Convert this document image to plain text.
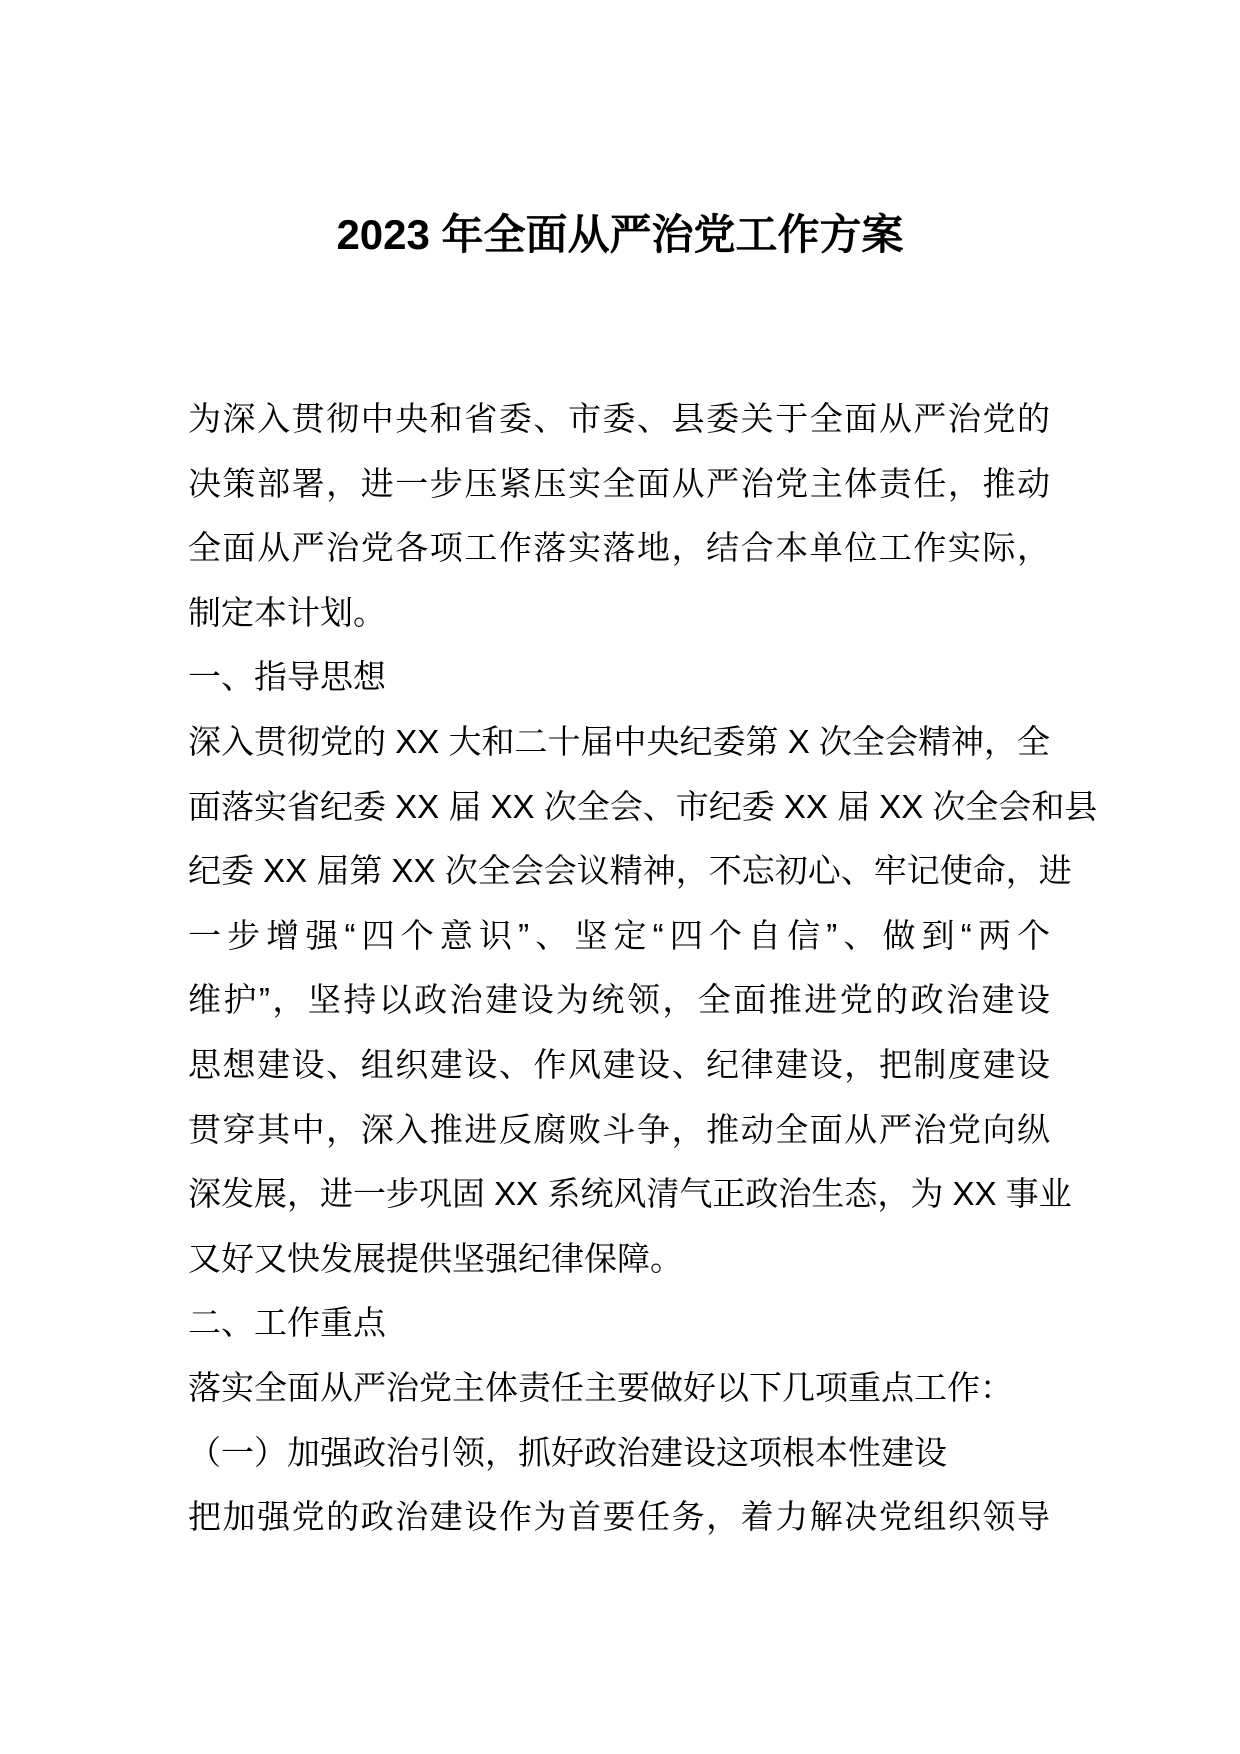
2023 年全面从严治党工作方案
为深入贯彻中央和省委、市委、县委关于全面从严治党的
决策部署，进一步压紧压实全面从严治党主体责任，推动
全面从严治党各项工作落实落地，结合本单位工作实际，
制定本计划。
一、指导思想
深入贯彻党的 XX 大和二十届中央纪委第 X 次全会精神，全
面落实省纪委 XX 届 XX 次全会、市纪委 XX 届 XX 次全会和县
纪委 XX 届第 XX 次全会会议精神，不忘初心、牢记使命，进
一步增强“四个意识”、坚定“四个自信”、做到“两个
维护”，坚持以政治建设为统领，全面推进党的政治建设
思想建设、组织建设、作风建设、纪律建设，把制度建设
贯穿其中，深入推进反腐败斗争，推动全面从严治党向纵
深发展，进一步巩固 XX 系统风清气正政治生态，为 XX 事业
又好又快发展提供坚强纪律保障。
二、工作重点
落实全面从严治党主体责任主要做好以下几项重点工作：
（一）加强政治引领，抓好政治建设这项根本性建设
把加强党的政治建设作为首要任务，着力解决党组织领导
